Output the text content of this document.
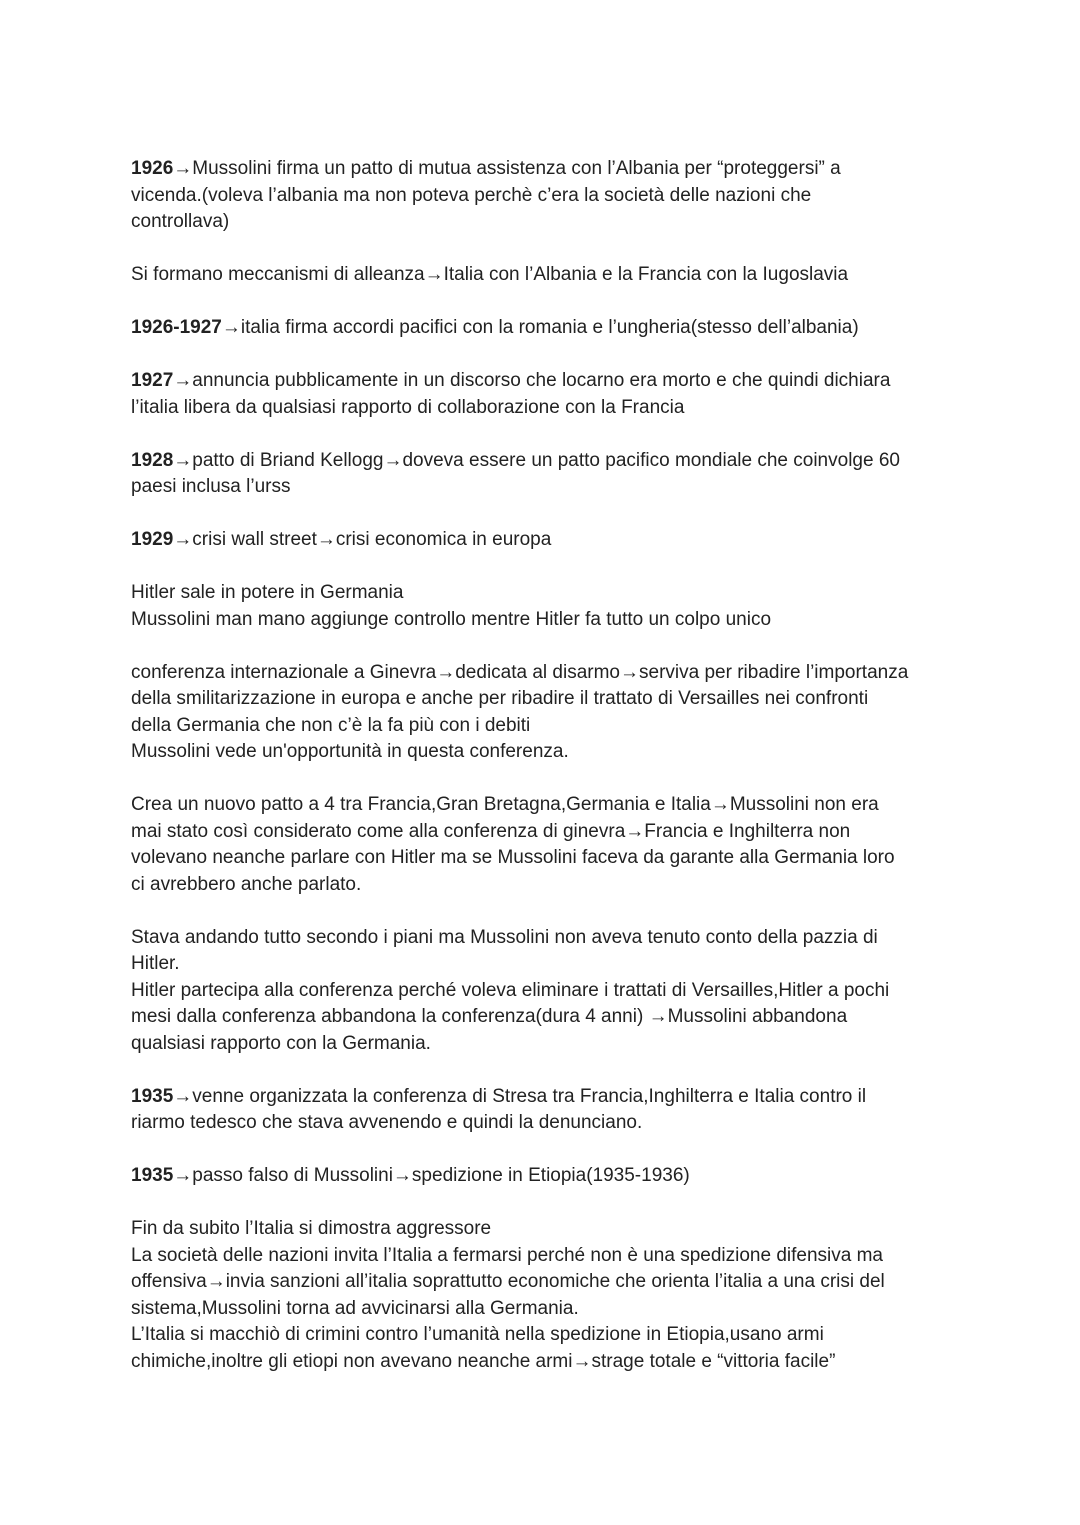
1926→Mussolini firma un patto di mutua assistenza con l’Albania per “proteggersi” a
vicenda.(voleva l’albania ma non poteva perchè c’era la società delle nazioni che
controllava)
Si formano meccanismi di alleanza→Italia con l’Albania e la Francia con la Iugoslavia
1926-1927→italia firma accordi pacifici con la romania e l’ungheria(stesso dell’albania)
1927→annuncia pubblicamente in un discorso che locarno era morto e che quindi dichiara
l’italia libera da qualsiasi rapporto di collaborazione con la Francia
1928→patto di Briand Kellogg→doveva essere un patto pacifico mondiale che coinvolge 60
paesi inclusa l’urss
1929→crisi wall street→crisi economica in europa
Hitler sale in potere in Germania
Mussolini man mano aggiunge controllo mentre Hitler fa tutto un colpo unico
conferenza internazionale a Ginevra→dedicata al disarmo→serviva per ribadire l’importanza
della smilitarizzazione in europa e anche per ribadire il trattato di Versailles nei confronti
della Germania che non c’è la fa più con i debiti
Mussolini vede un'opportunità in questa conferenza.
Crea un nuovo patto a 4 tra Francia,Gran Bretagna,Germania e Italia→Mussolini non era
mai stato così considerato come alla conferenza di ginevra→Francia e Inghilterra non
volevano neanche parlare con Hitler ma se Mussolini faceva da garante alla Germania loro
ci avrebbero anche parlato.
Stava andando tutto secondo i piani ma Mussolini non aveva tenuto conto della pazzia di
Hitler.
Hitler partecipa alla conferenza perché voleva eliminare i trattati di Versailles,Hitler a pochi
mesi dalla conferenza abbandona la conferenza(dura 4 anni) →Mussolini abbandona
qualsiasi rapporto con la Germania.
1935→venne organizzata la conferenza di Stresa tra Francia,Inghilterra e Italia contro il
riarmo tedesco che stava avvenendo e quindi la denunciano.
1935→passo falso di Mussolini→spedizione in Etiopia(1935-1936)
Fin da subito l’Italia si dimostra aggressore
La società delle nazioni invita l’Italia a fermarsi perché non è una spedizione difensiva ma
offensiva→invia sanzioni all’italia soprattutto economiche che orienta l’italia a una crisi del
sistema,Mussolini torna ad avvicinarsi alla Germania.
L’Italia si macchiò di crimini contro l’umanità nella spedizione in Etiopia,usano armi
chimiche,inoltre gli etiopi non avevano neanche armi→strage totale e “vittoria facile”
